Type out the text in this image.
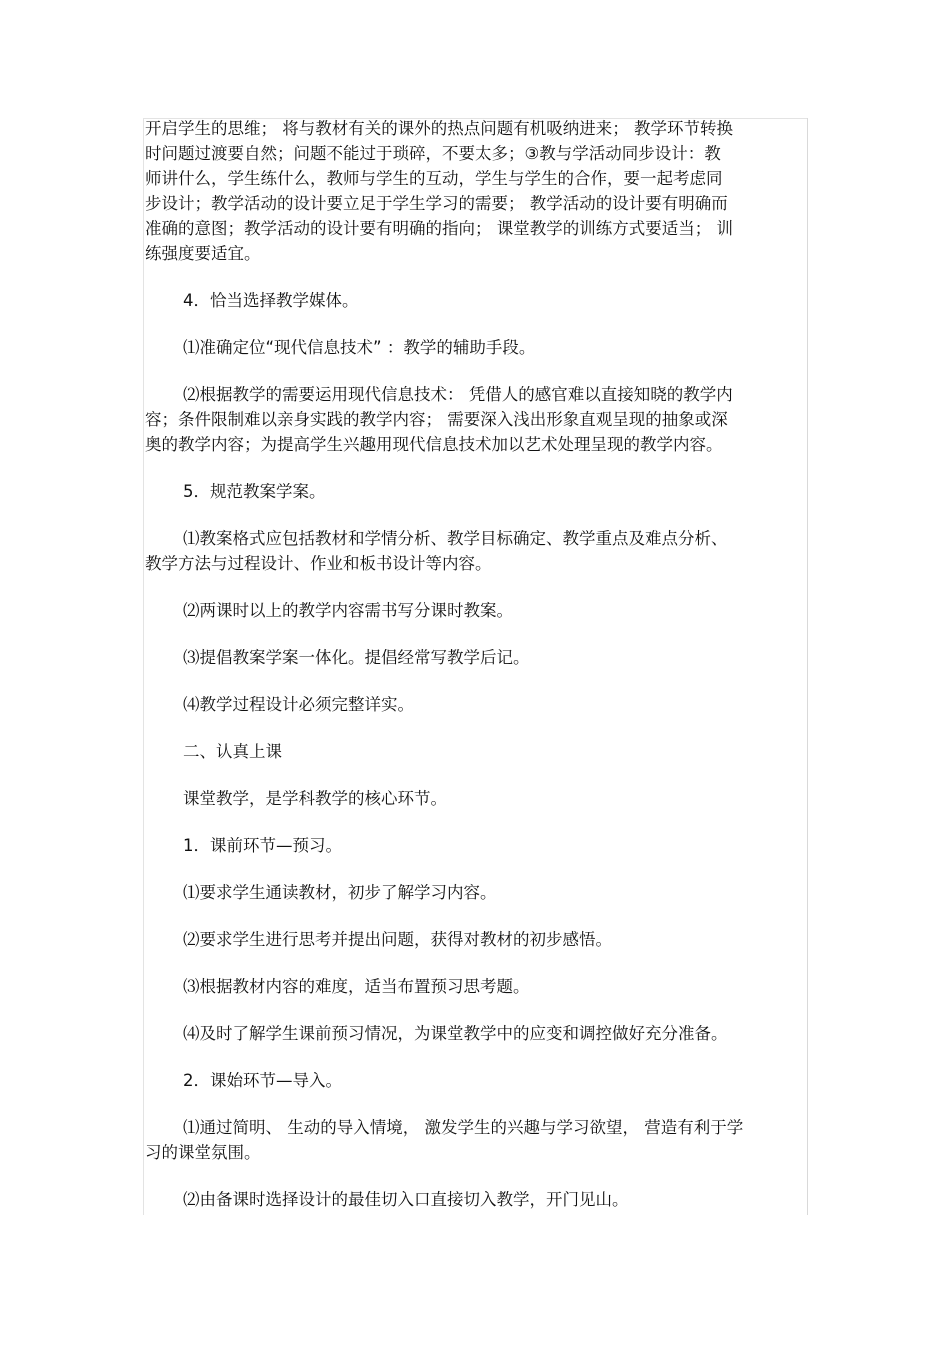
开启学生的思维； 将与教材有关的课外的热点问题有机吸纳进来； 教学环节转换
时问题过渡要自然；问题不能过于琐碎，不要太多；③教与学活动同步设计：教
师讲什么，学生练什么，教师与学生的互动，学生与学生的合作，要一起考虑同
步设计；教学活动的设计要立足于学生学习的需要； 教学活动的设计要有明确而
准确的意图；教学活动的设计要有明确的指向； 课堂教学的训练方式要适当； 训
练强度要适宜。

4．恰当选择教学媒体。

⑴准确定位“现代信息技术” ：教学的辅助手段。

⑵根据教学的需要运用现代信息技术： 凭借人的感官难以直接知晓的教学内
容；条件限制难以亲身实践的教学内容； 需要深入浅出形象直观呈现的抽象或深
奥的教学内容；为提高学生兴趣用现代信息技术加以艺术处理呈现的教学内容。

5．规范教案学案。

⑴教案格式应包括教材和学情分析、教学目标确定、教学重点及难点分析、
教学方法与过程设计、作业和板书设计等内容。

⑵两课时以上的教学内容需书写分课时教案。

⑶提倡教案学案一体化。提倡经常写教学后记。

⑷教学过程设计必须完整详实。

二、认真上课

课堂教学，是学科教学的核心环节。

1．课前环节—预习。

⑴要求学生通读教材，初步了解学习内容。

⑵要求学生进行思考并提出问题，获得对教材的初步感悟。

⑶根据教材内容的难度，适当布置预习思考题。

⑷及时了解学生课前预习情况，为课堂教学中的应变和调控做好充分准备。

2．课始环节—导入。

⑴通过简明、 生动的导入情境， 激发学生的兴趣与学习欲望， 营造有利于学
习的课堂氛围。

⑵由备课时选择设计的最佳切入口直接切入教学，开门见山。
